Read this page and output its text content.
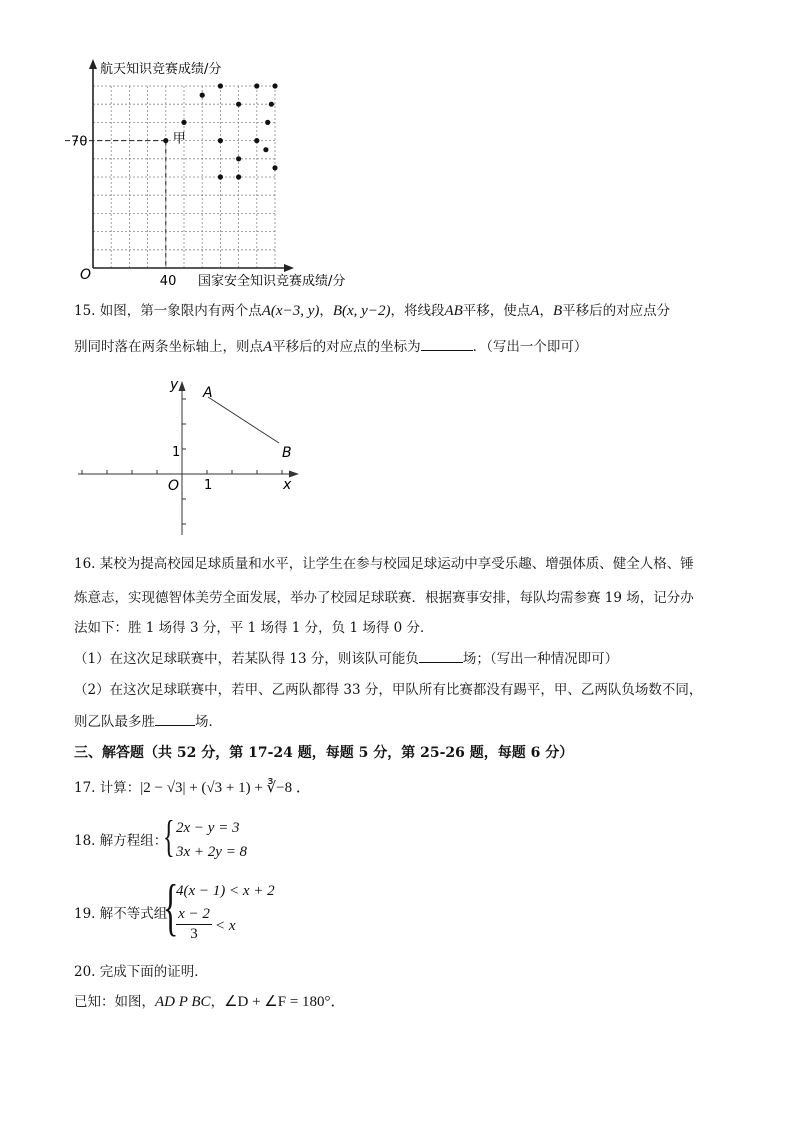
航天知识竞赛成绩/分
国家安全知识竞赛成绩/分
O	40
70	甲
15. 如图，第一象限内有两个点A(x−3, y)，B(x, y−2)，将线段AB平移，使点A，B平移后的对应点分
别同时落在两条坐标轴上，则点A平移后的对应点的坐标为	．（写出一个即可）
y
x
O 1
1
A
B
16. 某校为提高校园足球质量和水平，让学生在参与校园足球运动中享受乐趣、增强体质、健全人格、锤
炼意志，实现德智体美劳全面发展，举办了校园足球联赛．根据赛事安排，每队均需参赛 19 场，记分办
法如下：胜 1 场得 3 分，平 1 场得 1 分，负 1 场得 0 分．
（1）在这次足球联赛中，若某队得 13 分，则该队可能负	场；（写出一种情况即可）
（2）在这次足球联赛中，若甲、乙两队都得 33 分，甲队所有比赛都没有踢平，甲、乙两队负场数不同，
则乙队最多胜	场．
三、解答题（共 52 分，第 17-24 题，每题 5 分，第 25-26 题，每题 6 分）
17. 计算：|2 − √3| + (√3 + 1) + ∛−8 ．
18. 解方程组：
{ 2x − y = 3
3x + 2y = 8
19. 解不等式组
{
4(x − 1) < x + 2
x − 2
3	< x
20. 完成下面的证明．
已知：如图，AD P BC，∠D + ∠F = 180°．
